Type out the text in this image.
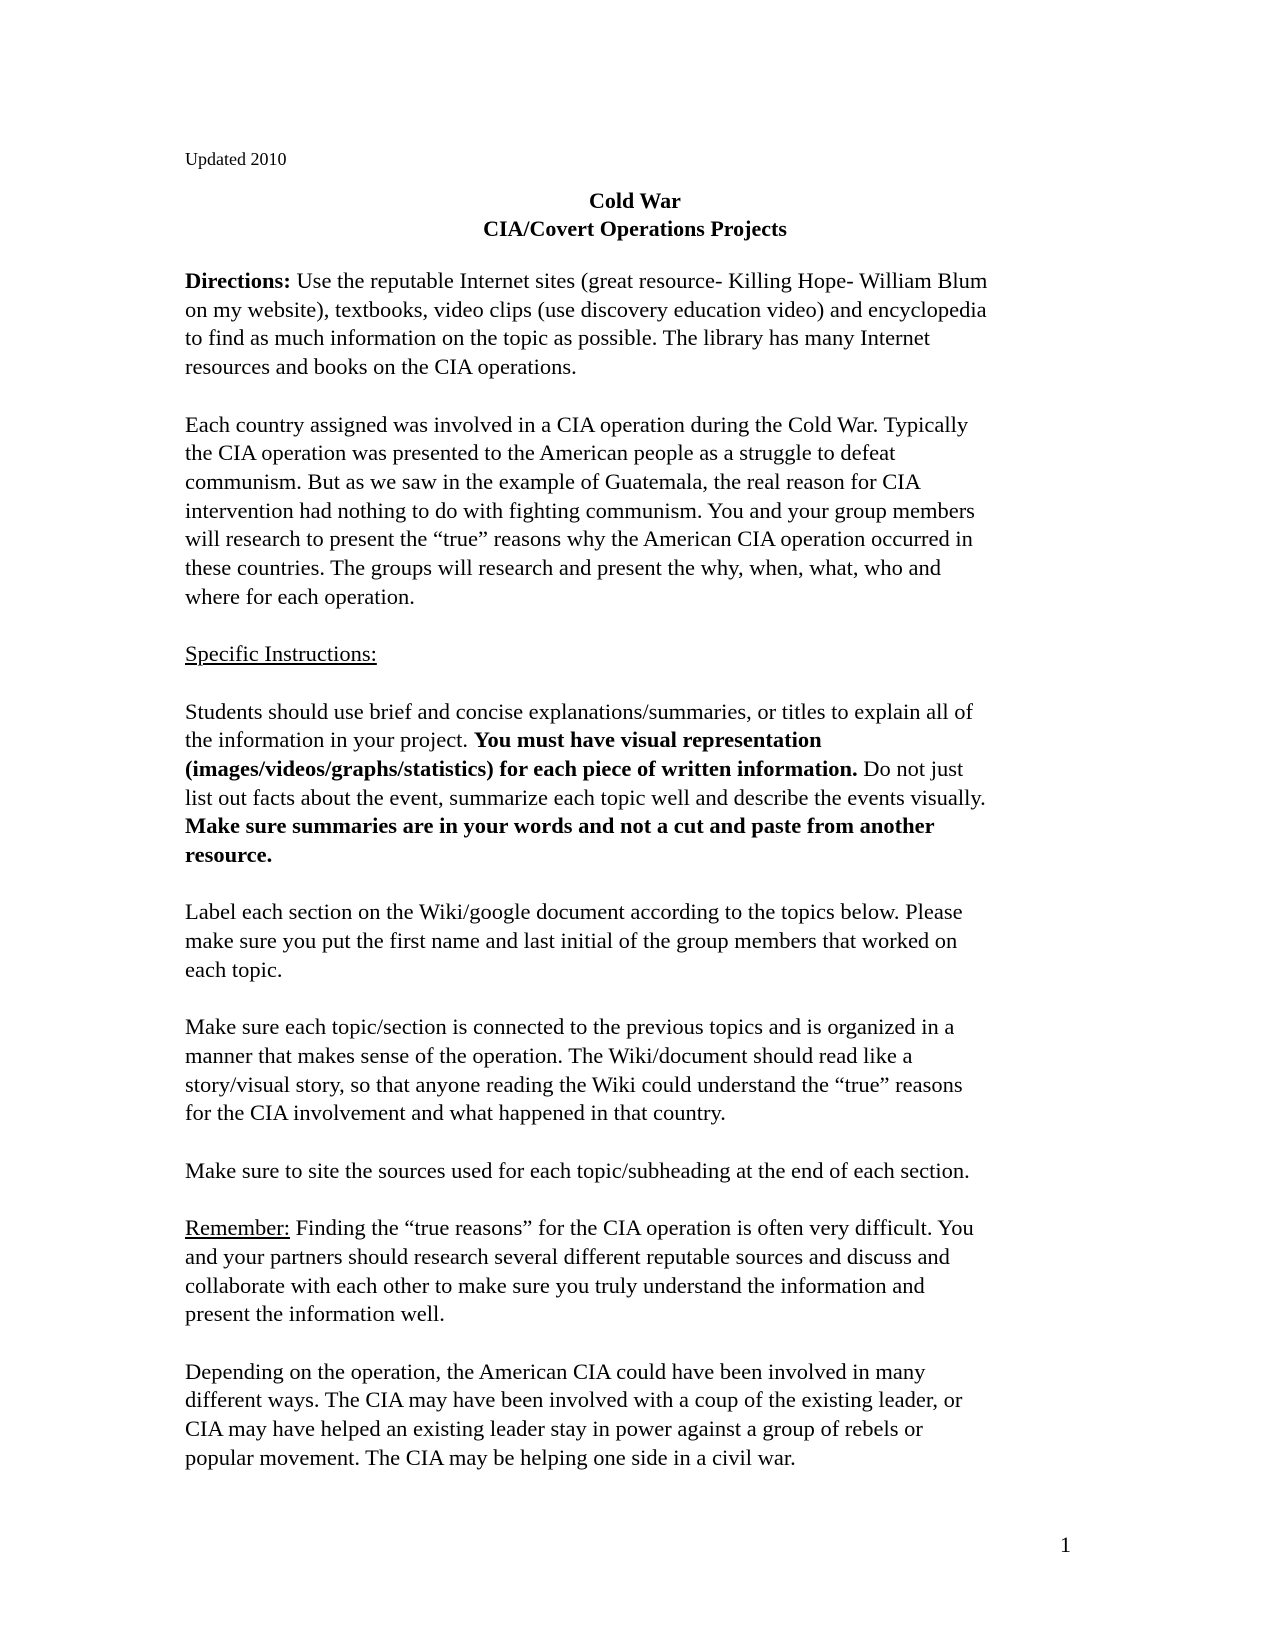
Updated 2010
Cold War
CIA/Covert Operations Projects

Directions: Use the reputable Internet sites (great resource- Killing Hope- William Blum
on my website), textbooks, video clips (use discovery education video) and encyclopedia
to find as much information on the topic as possible. The library has many Internet
resources and books on the CIA operations.

Each country assigned was involved in a CIA operation during the Cold War. Typically
the CIA operation was presented to the American people as a struggle to defeat
communism. But as we saw in the example of Guatemala, the real reason for CIA
intervention had nothing to do with fighting communism. You and your group members
will research to present the “true” reasons why the American CIA operation occurred in
these countries. The groups will research and present the why, when, what, who and
where for each operation.

Specific Instructions:

Students should use brief and concise explanations/summaries, or titles to explain all of
the information in your project. You must have visual representation
(images/videos/graphs/statistics) for each piece of written information. Do not just
list out facts about the event, summarize each topic well and describe the events visually.
Make sure summaries are in your words and not a cut and paste from another
resource.

Label each section on the Wiki/google document according to the topics below. Please
make sure you put the first name and last initial of the group members that worked on
each topic.

Make sure each topic/section is connected to the previous topics and is organized in a
manner that makes sense of the operation. The Wiki/document should read like a
story/visual story, so that anyone reading the Wiki could understand the “true” reasons
for the CIA involvement and what happened in that country.

Make sure to site the sources used for each topic/subheading at the end of each section.

Remember: Finding the “true reasons” for the CIA operation is often very difficult. You
and your partners should research several different reputable sources and discuss and
collaborate with each other to make sure you truly understand the information and
present the information well.

Depending on the operation, the American CIA could have been involved in many
different ways. The CIA may have been involved with a coup of the existing leader, or
CIA may have helped an existing leader stay in power against a group of rebels or
popular movement. The CIA may be helping one side in a civil war.

1
